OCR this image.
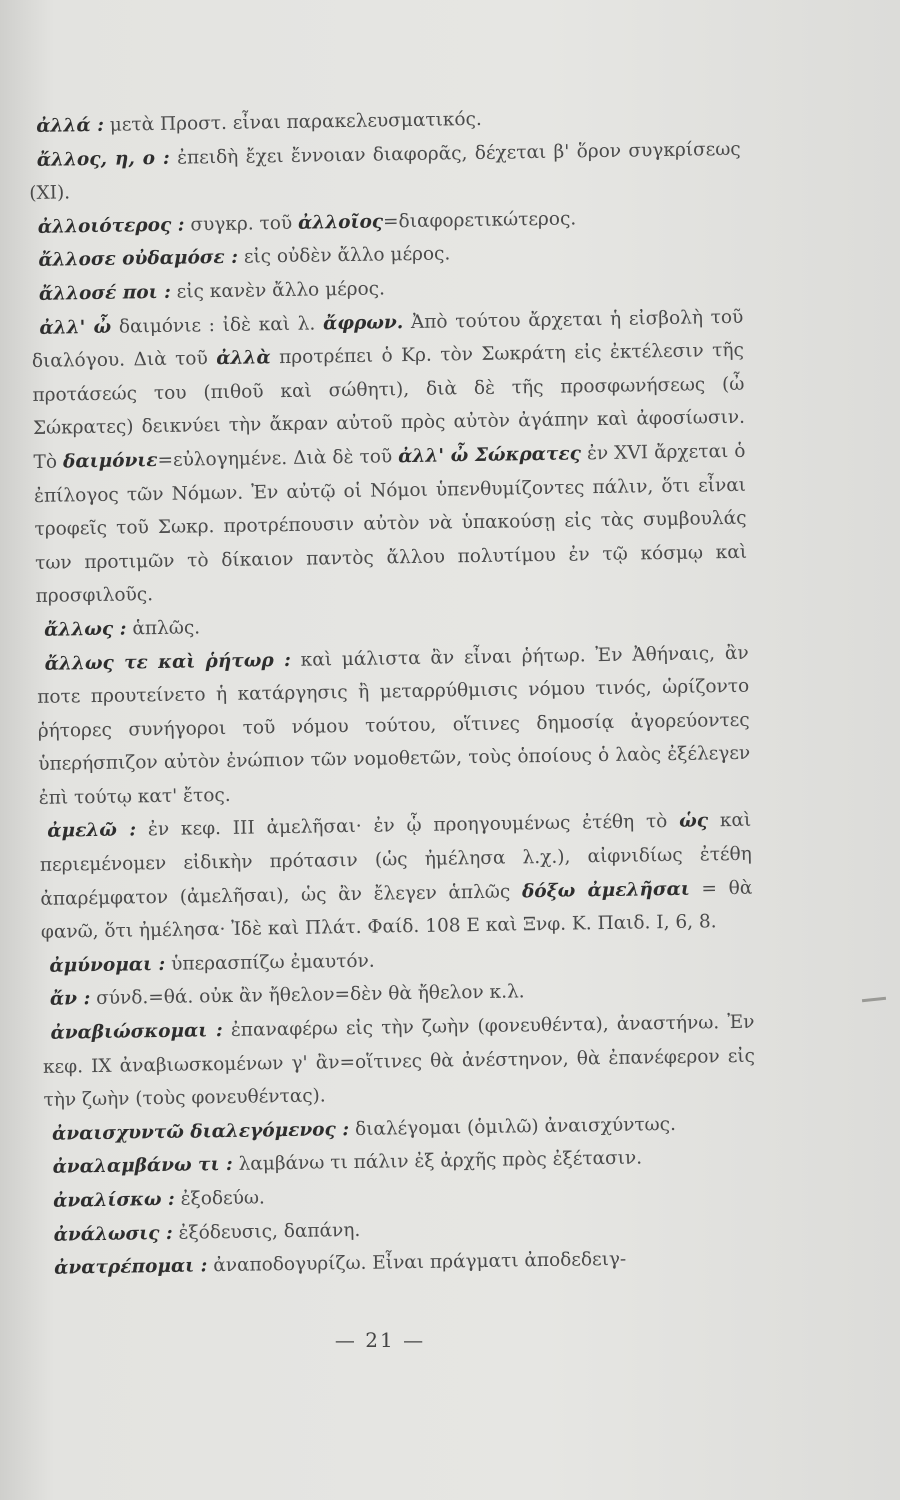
ἀλλά : μετὰ Προστ. εἶναι παρακελευσματικός.

ἄλλος, η, ο : ἐπειδὴ ἔχει ἔννοιαν διαφορᾶς, δέχεται β' ὅρον συγκρίσεως (XI).

ἀλλοιότερος : συγκρ. τοῦ ἀλλοῖος=διαφορετικώτερος.

ἄλλοσε οὐδαμόσε : εἰς οὐδὲν ἄλλο μέρος.

ἄλλοσέ ποι : εἰς κανὲν ἄλλο μέρος.

ἀλλ' ὦ δαιμόνιε : ἰδὲ καὶ λ. ἄφρων. Ἀπὸ τούτου ἄρχεται ἡ εἰσβολὴ τοῦ διαλόγου. Διὰ τοῦ ἀλλὰ προτρέπει ὁ Κρ. τὸν Σωκράτη εἰς ἐκτέλεσιν τῆς προτάσεώς του (πιθοῦ καὶ σώθητι), διὰ δὲ τῆς προσφωνήσεως (ὦ Σώκρατες) δεικνύει τὴν ἄκραν αὐτοῦ πρὸς αὐτὸν ἀγάπην καὶ ἀφοσίωσιν. Τὸ δαιμόνιε=εὐλογημένε. Διὰ δὲ τοῦ ἀλλ' ὦ Σώκρατες ἐν XVI ἄρχεται ὁ ἐπίλογος τῶν Νόμων. Ἐν αὐτῷ οἱ Νόμοι ὑπενθυμίζοντες πάλιν, ὅτι εἶναι τροφεῖς τοῦ Σωκρ. προτρέπουσιν αὐτὸν νὰ ὑπακούσῃ εἰς τὰς συμβουλάς των προτιμῶν τὸ δίκαιον παντὸς ἄλλου πολυτίμου ἐν τῷ κόσμῳ καὶ προσφιλοῦς.

ἄλλως : ἁπλῶς.

ἄλλως τε καὶ ῥήτωρ : καὶ μάλιστα ἂν εἶναι ῥήτωρ. Ἐν Ἀθήναις, ἂν ποτε προυτείνετο ἡ κατάργησις ἢ μεταρρύθμισις νόμου τινός, ὡρίζοντο ῥήτορες συνήγοροι τοῦ νόμου τούτου, οἵτινες δημοσίᾳ ἀγορεύοντες ὑπερήσπιζον αὐτὸν ἐνώπιον τῶν νομοθετῶν, τοὺς ὁποίους ὁ λαὸς ἐξέλεγεν ἐπὶ τούτῳ κατ' ἔτος.

ἀμελῶ : ἐν κεφ. III ἀμελῆσαι· ἐν ᾧ προηγουμένως ἐτέθη τὸ ὡς καὶ περιεμένομεν εἰδικὴν πρότασιν (ὡς ἠμέλησα λ.χ.), αἰφνιδίως ἐτέθη ἀπαρέμφατον (ἀμελῆσαι), ὡς ἂν ἔλεγεν ἁπλῶς δόξω ἀμελῆσαι = θὰ φανῶ, ὅτι ἠμέλησα· Ἰδὲ καὶ Πλάτ. Φαίδ. 108 Ε καὶ Ξνφ. Κ. Παιδ. I, 6, 8.

ἀμύνομαι : ὑπερασπίζω ἐμαυτόν.

ἄν : σύνδ.=θά. οὐκ ἂν ἤθελον=δὲν θὰ ἤθελον κ.λ.

ἀναβιώσκομαι : ἐπαναφέρω εἰς τὴν ζωὴν (φονευθέντα), ἀναστήνω. Ἐν κεφ. IX ἀναβιωσκομένων γ' ἂν=οἵτινες θὰ ἀνέστηνον, θὰ ἐπανέφερον εἰς τὴν ζωὴν (τοὺς φονευθέντας).

ἀναισχυντῶ διαλεγόμενος : διαλέγομαι (ὁμιλῶ) ἀναισχύντως.

ἀναλαμβάνω τι : λαμβάνω τι πάλιν ἐξ ἀρχῆς πρὸς ἐξέτασιν.

ἀναλίσκω : ἐξοδεύω.

ἀνάλωσις : ἐξόδευσις, δαπάνη.

ἀνατρέπομαι : ἀναποδογυρίζω. Εἶναι πράγματι ἀποδεδειγ-

— 21 —
